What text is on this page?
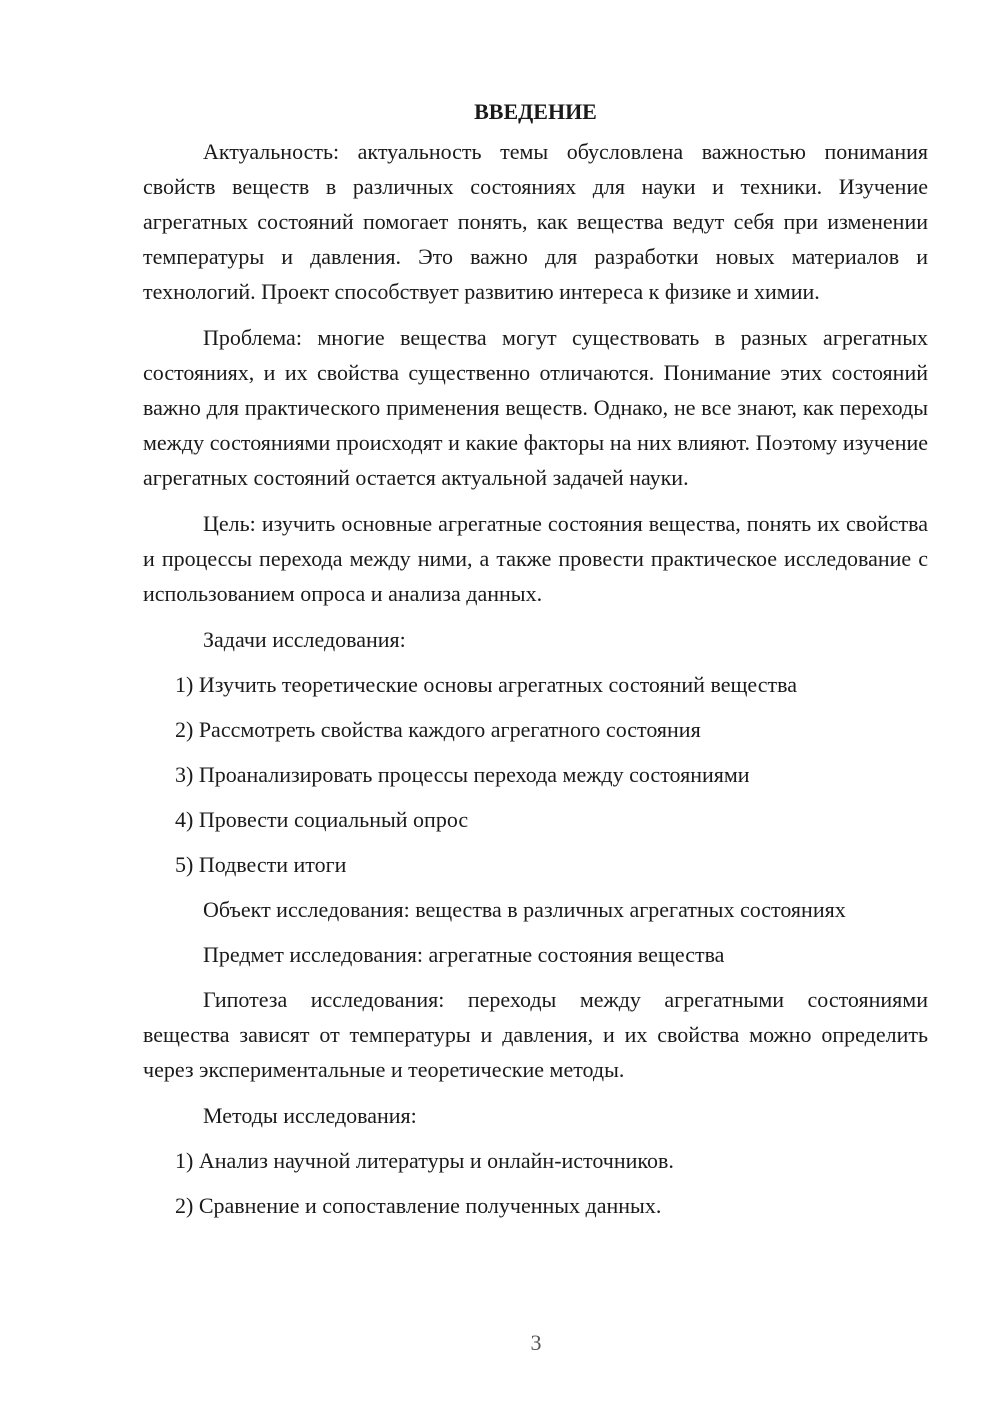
ВВЕДЕНИЕ

Актуальность: актуальность темы обусловлена важностью понимания свойств веществ в различных состояниях для науки и техники. Изучение агрегатных состояний помогает понять, как вещества ведут себя при изменении температуры и давления. Это важно для разработки новых материалов и технологий. Проект способствует развитию интереса к физике и химии.

Проблема: многие вещества могут существовать в разных агрегатных состояниях, и их свойства существенно отличаются. Понимание этих состояний важно для практического применения веществ. Однако, не все знают, как переходы между состояниями происходят и какие факторы на них влияют. Поэтому изучение агрегатных состояний остается актуальной задачей науки.

Цель: изучить основные агрегатные состояния вещества, понять их свойства и процессы перехода между ними, а также провести практическое исследование с использованием опроса и анализа данных.

Задачи исследования:
1) Изучить теоретические основы агрегатных состояний вещества
2) Рассмотреть свойства каждого агрегатного состояния
3) Проанализировать процессы перехода между состояниями
4) Провести социальный опрос
5) Подвести итоги
Объект исследования: вещества в различных агрегатных состояниях
Предмет исследования: агрегатные состояния вещества

Гипотеза исследования: переходы между агрегатными состояниями вещества зависят от температуры и давления, и их свойства можно определить через экспериментальные и теоретические методы.

Методы исследования:
1) Анализ научной литературы и онлайн-источников.
2) Сравнение и сопоставление полученных данных.
3
